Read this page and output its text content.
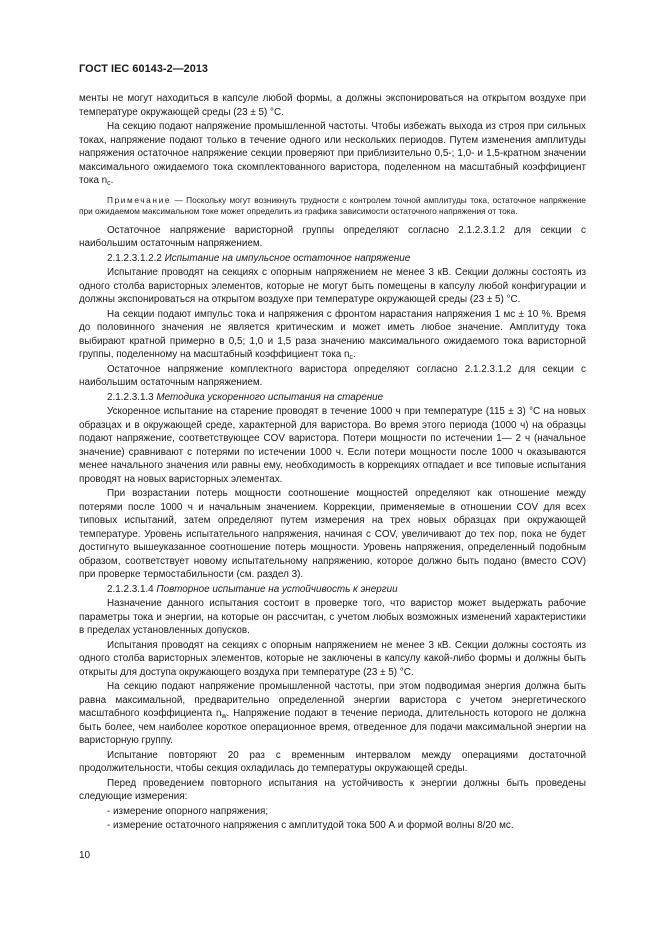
ГОСТ IEC 60143-2—2013

менты не могут находиться в капсуле любой формы, а должны экспонироваться на открытом воздухе при температуре окружающей среды (23 ± 5) °С.

На секцию подают напряжение промышленной частоты. Чтобы избежать выхода из строя при сильных токах, напряжение подают только в течение одного или нескольких периодов. Путем изменения амплитуды напряжения остаточное напряжение секции проверяют при приблизительно 0,5-; 1,0- и 1,5-кратном значении максимального ожидаемого тока скомплектованного варистора, поделенном на масштабный коэффициент тока $n_c$.

Примечание — Поскольку могут возникнуть трудности с контролем точной амплитуды тока, остаточное напряжение при ожидаемом максимальном токе может определить из графика зависимости остаточного напряжения от тока.

Остаточное напряжение варисторной группы определяют согласно 2.1.2.3.1.2 для секции с наибольшим остаточным напряжением.

2.1.2.3.1.2.2 Испытание на импульсное остаточное напряжение

Испытание проводят на секциях с опорным напряжением не менее 3 кВ. Секции должны состоять из одного столба варисторных элементов, которые не могут быть помещены в капсулу любой конфигурации и должны экспонироваться на открытом воздухе при температуре окружающей среды (23 ± 5) °С.

На секции подают импульс тока и напряжения с фронтом нарастания напряжения 1 мс ± 10 %. Время до половинного значения не является критическим и может иметь любое значение. Амплитуду тока выбирают кратной примерно в 0,5; 1,0 и 1,5 раза значению максимального ожидаемого тока варисторной группы, поделенному на масштабный коэффициент тока $n_c$.

Остаточное напряжение комплектного варистора определяют согласно 2.1.2.3.1.2 для секции с наибольшим остаточным напряжением.

2.1.2.3.1.3 Методика ускоренного испытания на старение

Ускоренное испытание на старение проводят в течение 1000 ч при температуре (115 ± 3) °С на новых образцах и в окружающей среде, характерной для варистора. Во время этого периода (1000 ч) на образцы подают напряжение, соответствующее COV варистора. Потери мощности по истечении 1— 2 ч (начальное значение) сравнивают с потерями по истечении 1000 ч. Если потери мощности после 1000 ч оказываются менее начального значения или равны ему, необходимость в коррекциях отпадает и все типовые испытания проводят на новых варисторных элементах.

При возрастании потерь мощности соотношение мощностей определяют как отношение между потерями после 1000 ч и начальным значением. Коррекции, применяемые в отношении COV для всех типовых испытаний, затем определяют путем измерения на трех новых образцах при окружающей температуре. Уровень испытательного напряжения, начиная с COV, увеличивают до тех пор, пока не будет достигнуто вышеуказанное соотношение потерь мощности. Уровень напряжения, определенный подобным образом, соответствует новому испытательному напряжению, которое должно быть подано (вместо COV) при проверке термостабильности (см. раздел 3).

2.1.2.3.1.4 Повторное испытание на устойчивость к энергии

Назначение данного испытания состоит в проверке того, что варистор может выдержать рабочие параметры тока и энергии, на которые он рассчитан, с учетом любых возможных изменений характеристики в пределах установленных допусков.

Испытания проводят на секциях с опорным напряжением не менее 3 кВ. Секции должны состоять из одного столба варисторных элементов, которые не заключены в капсулу какой-либо формы и должны быть открыты для доступа окружающего воздуха при температуре (23 ± 5) °С.

На секцию подают напряжение промышленной частоты, при этом подводимая энергия должна быть равна максимальной, предварительно определенной энергии варистора с учетом энергетического масштабного коэффициента $n_w$. Напряжение подают в течение периода, длительность которого не должна быть более, чем наиболее короткое операционное время, отведенное для подачи максимальной энергии на варисторную группу.

Испытание повторяют 20 раз с временным интервалом между операциями достаточной продолжительности, чтобы секция охладилась до температуры окружающей среды.

Перед проведением повторного испытания на устойчивость к энергии должны быть проведены следующие измерения:

- измерение опорного напряжения;

- измерение остаточного напряжения с амплитудой тока 500 А и формой волны 8/20 мс.

10
